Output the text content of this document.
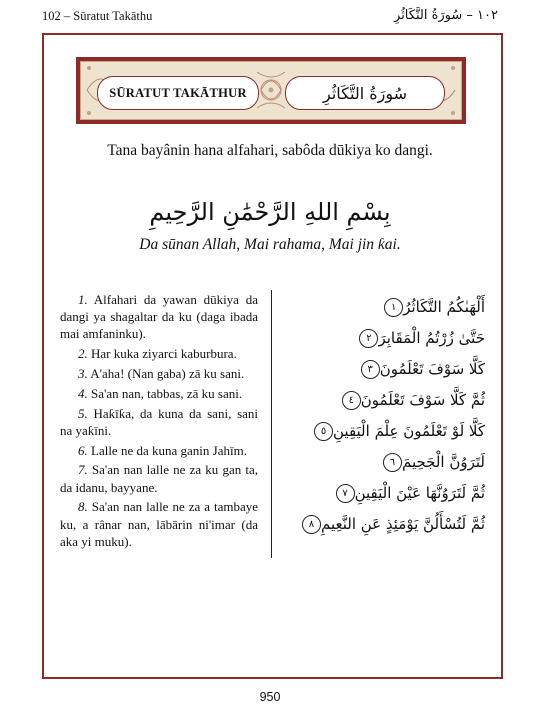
102 – Sūratut Takāthu	١٠٢ – سُورَةُ التَّكَاثُرِ
SŪRATUT TAKĀTHUR	سُورَةُ التَّكَاثُرِ
Tana bayânin hana alfahari, sabôda dūkiya ko dangi.
بِسْمِ اللهِ الرَّحْمَٰنِ الرَّحِيمِ
Da sūnan Allah, Mai rahama, Mai jin ƙai.

1. Alfahari da yawan dūkiya da dangi ya shagaltar da ku (daga ibada mai amfaninku).

2. Har kuka ziyarci kaburbura.

3. A'aha! (Nan gaba) zā ku sani.

4. Sa'an nan, tabbas, zā ku sani.

5. Haƙīƙa, da kuna da sani, sani na yaƙīni.

6. Lalle ne da kuna ganin Jahīm.

7. Sa'an nan lalle ne za ku gan ta, da idanu, bayyane.

8. Sa'an nan lalle ne za a tambaye ku, a rânar nan, lābārin ni'imar (da aka yi muku).

أَلْهَىٰكُمُ التَّكَاثُرُ١
حَتَّىٰ زُرْتُمُ الْمَقَابِرَ٢
كَلَّا سَوْفَ تَعْلَمُونَ٣
ثُمَّ كَلَّا سَوْفَ تَعْلَمُونَ٤
كَلَّا لَوْ تَعْلَمُونَ عِلْمَ الْيَقِينِ٥
لَتَرَوُنَّ الْجَحِيمَ٦
ثُمَّ لَتَرَوُنَّهَا عَيْنَ الْيَقِينِ٧
ثُمَّ لَتُسْأَلُنَّ يَوْمَئِذٍ عَنِ النَّعِيمِ٨
950
